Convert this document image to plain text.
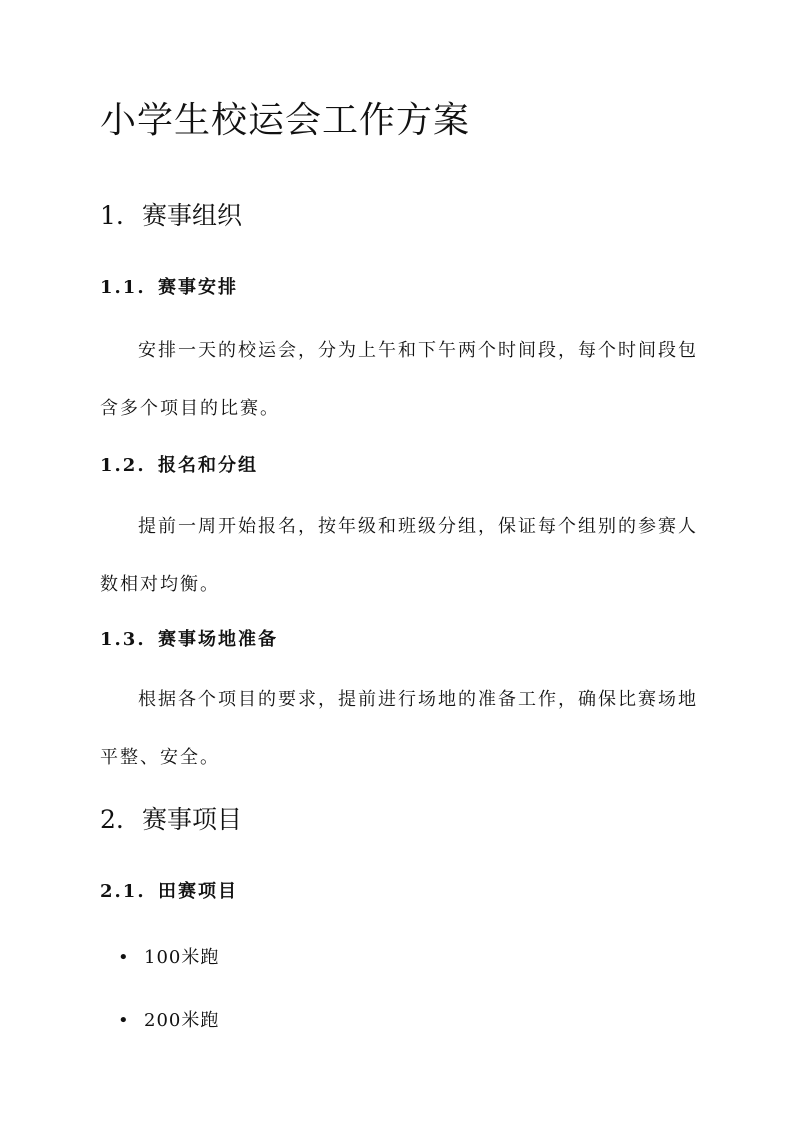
小学生校运会工作方案
1. 赛事组织
1.1. 赛事安排

安排一天的校运会，分为上午和下午两个时间段，每个时间段包含多个项目的比赛。

1.2. 报名和分组

提前一周开始报名，按年级和班级分组，保证每个组别的参赛人数相对均衡。

1.3. 赛事场地准备

根据各个项目的要求，提前进行场地的准备工作，确保比赛场地平整、安全。

2. 赛事项目
2.1. 田赛项目
• 100米跑
• 200米跑
